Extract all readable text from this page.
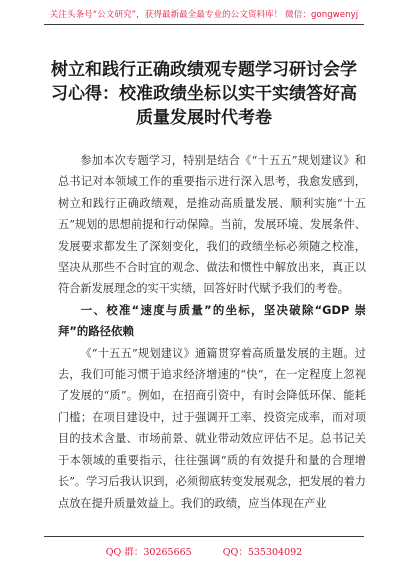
关注头条号“公文研究”，获得最新最全最专业的公文资料库！ 微信：gongwenyj
树立和践行正确政绩观专题学习研讨会学习心得：校准政绩坐标以实干实绩答好高质量发展时代考卷

参加本次专题学习，特别是结合《“十五五”规划建议》和总书记对本领域工作的重要指示进行深入思考，我愈发感到，树立和践行正确政绩观，是推动高质量发展、顺利实施“十五五”规划的思想前提和行动保障。当前，发展环境、发展条件、发展要求都发生了深刻变化，我们的政绩坐标必须随之校准，坚决从那些不合时宜的观念、做法和惯性中解放出来，真正以符合新发展理念的实干实绩，回答好时代赋予我们的考卷。

一、校准“速度与质量”的坐标，坚决破除“GDP 崇拜”的路径依赖

《“十五五”规划建议》通篇贯穿着高质量发展的主题。过去，我们可能习惯于追求经济增速的“快”，在一定程度上忽视了发展的“质”。例如，在招商引资中，有时会降低环保、能耗门槛；在项目建设中，过于强调开工率、投资完成率，而对项目的技术含量、市场前景、就业带动效应评估不足。总书记关于本领域的重要指示，往往强调“质的有效提升和量的合理增长”。学习后我认识到，必须彻底转变发展观念，把发展的着力点放在提升质量效益上。我们的政绩，应当体现在产业

QQ 群：30265665	QQ：535304092
